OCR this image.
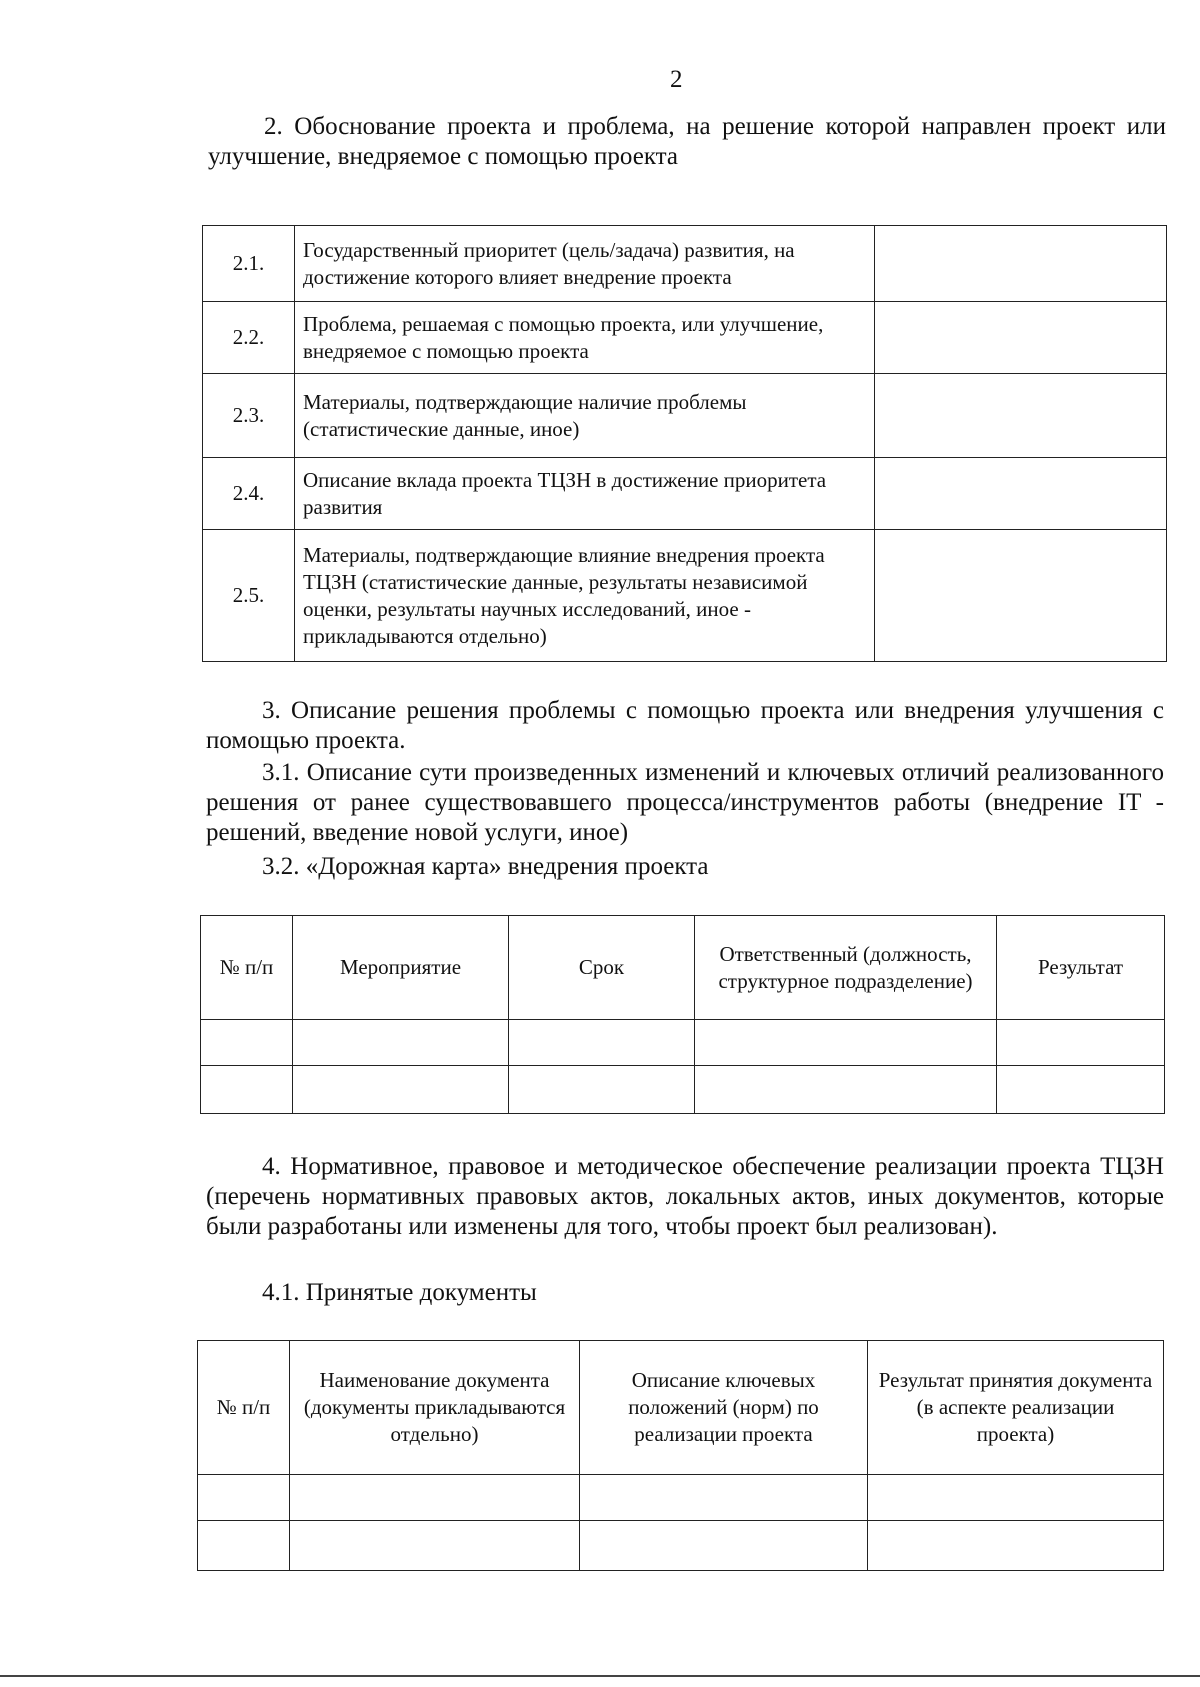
2
2. Обоснование проекта и проблема, на решение которой направлен проект или улучшение, внедряемое с помощью проекта
2.1.	Государственный приоритет (цель/задача) развития, на достижение которого влияет внедрение проекта	
2.2.	Проблема, решаемая с помощью проекта, или улучшение, внедряемое с помощью проекта	
2.3.	Материалы, подтверждающие наличие проблемы (статистические данные, иное)	
2.4.	Описание вклада проекта ТЦЗН в достижение приоритета развития	
2.5.	Материалы, подтверждающие влияние внедрения проекта ТЦЗН (статистические данные, результаты независимой оценки, результаты научных исследований, иное - прикладываются отдельно)	
3. Описание решения проблемы с помощью проекта или внедрения улучшения с помощью проекта.
3.1. Описание сути произведенных изменений и ключевых отличий реализованного решения от ранее существовавшего процесса/инструментов работы (внедрение IT - решений, введение новой услуги, иное)
3.2. «Дорожная карта» внедрения проекта
№ п/п	Мероприятие	Срок	Ответственный (должность, структурное подразделение)	Результат

4. Нормативное, правовое и методическое обеспечение реализации проекта ТЦЗН (перечень нормативных правовых актов, локальных актов, иных документов, которые были разработаны или изменены для того, чтобы проект был реализован).
4.1. Принятые документы
№ п/п	Наименование документа (документы прикладываются отдельно)	Описание ключевых положений (норм) по реализации проекта	Результат принятия документа (в аспекте реализации проекта)
